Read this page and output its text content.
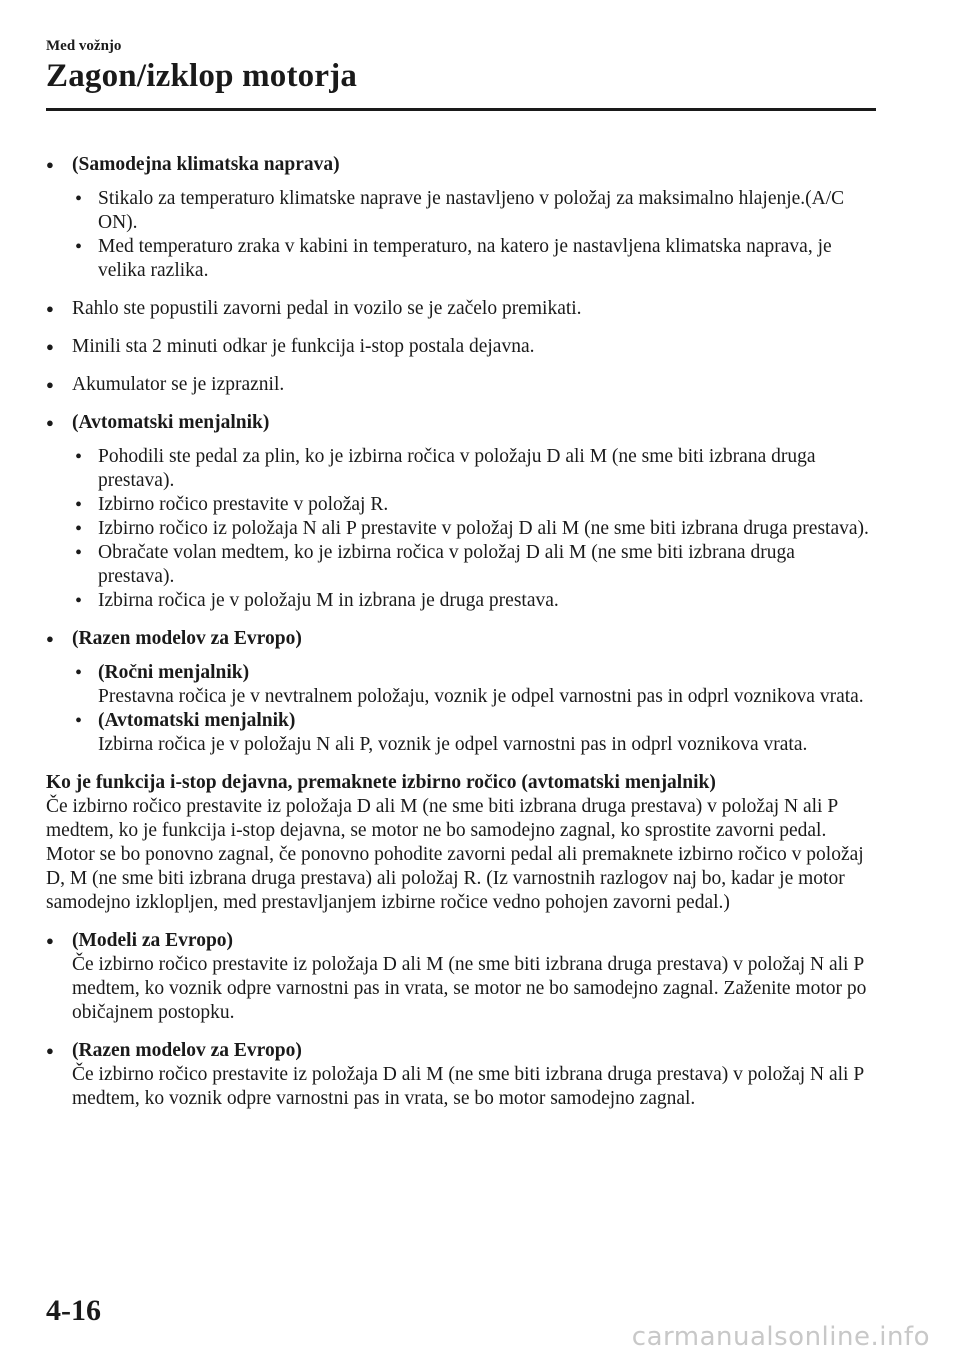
Med vožnjo
Zagon/izklop motorja
● (Samodejna klimatska naprava)
• Stikalo za temperaturo klimatske naprave je nastavljeno v položaj za maksimalno hlajenje.(A/C ON).
• Med temperaturo zraka v kabini in temperaturo, na katero je nastavljena klimatska naprava, je velika razlika.
● Rahlo ste popustili zavorni pedal in vozilo se je začelo premikati.
● Minili sta 2 minuti odkar je funkcija i-stop postala dejavna.
● Akumulator se je izpraznil.
● (Avtomatski menjalnik)
• Pohodili ste pedal za plin, ko je izbirna ročica v položaju D ali M (ne sme biti izbrana druga prestava).
• Izbirno ročico prestavite v položaj R.
• Izbirno ročico iz položaja N ali P prestavite v položaj D ali M (ne sme biti izbrana druga prestava).
• Obračate volan medtem, ko je izbirna ročica v položaj D ali M (ne sme biti izbrana druga prestava).
• Izbirna ročica je v položaju M in izbrana je druga prestava.
● (Razen modelov za Evropo)
• (Ročni menjalnik)
Prestavna ročica je v nevtralnem položaju, voznik je odpel varnostni pas in odprl voznikova vrata.
• (Avtomatski menjalnik)
Izbirna ročica je v položaju N ali P, voznik je odpel varnostni pas in odprl voznikova vrata.
Ko je funkcija i-stop dejavna, premaknete izbirno ročico (avtomatski menjalnik)
Če izbirno ročico prestavite iz položaja D ali M (ne sme biti izbrana druga prestava) v položaj N ali P medtem, ko je funkcija i-stop dejavna, se motor ne bo samodejno zagnal, ko sprostite zavorni pedal. Motor se bo ponovno zagnal, če ponovno pohodite zavorni pedal ali premaknete izbirno ročico v položaj D, M (ne sme biti izbrana druga prestava) ali položaj R. (Iz varnostnih razlogov naj bo, kadar je motor samodejno izklopljen, med prestavljanjem izbirne ročice vedno pohojen zavorni pedal.)
● (Modeli za Evropo)
Če izbirno ročico prestavite iz položaja D ali M (ne sme biti izbrana druga prestava) v položaj N ali P medtem, ko voznik odpre varnostni pas in vrata, se motor ne bo samodejno zagnal. Zaženite motor po običajnem postopku.
● (Razen modelov za Evropo)
Če izbirno ročico prestavite iz položaja D ali M (ne sme biti izbrana druga prestava) v položaj N ali P medtem, ko voznik odpre varnostni pas in vrata, se bo motor samodejno zagnal.
4-16
carmanualsonline.info
